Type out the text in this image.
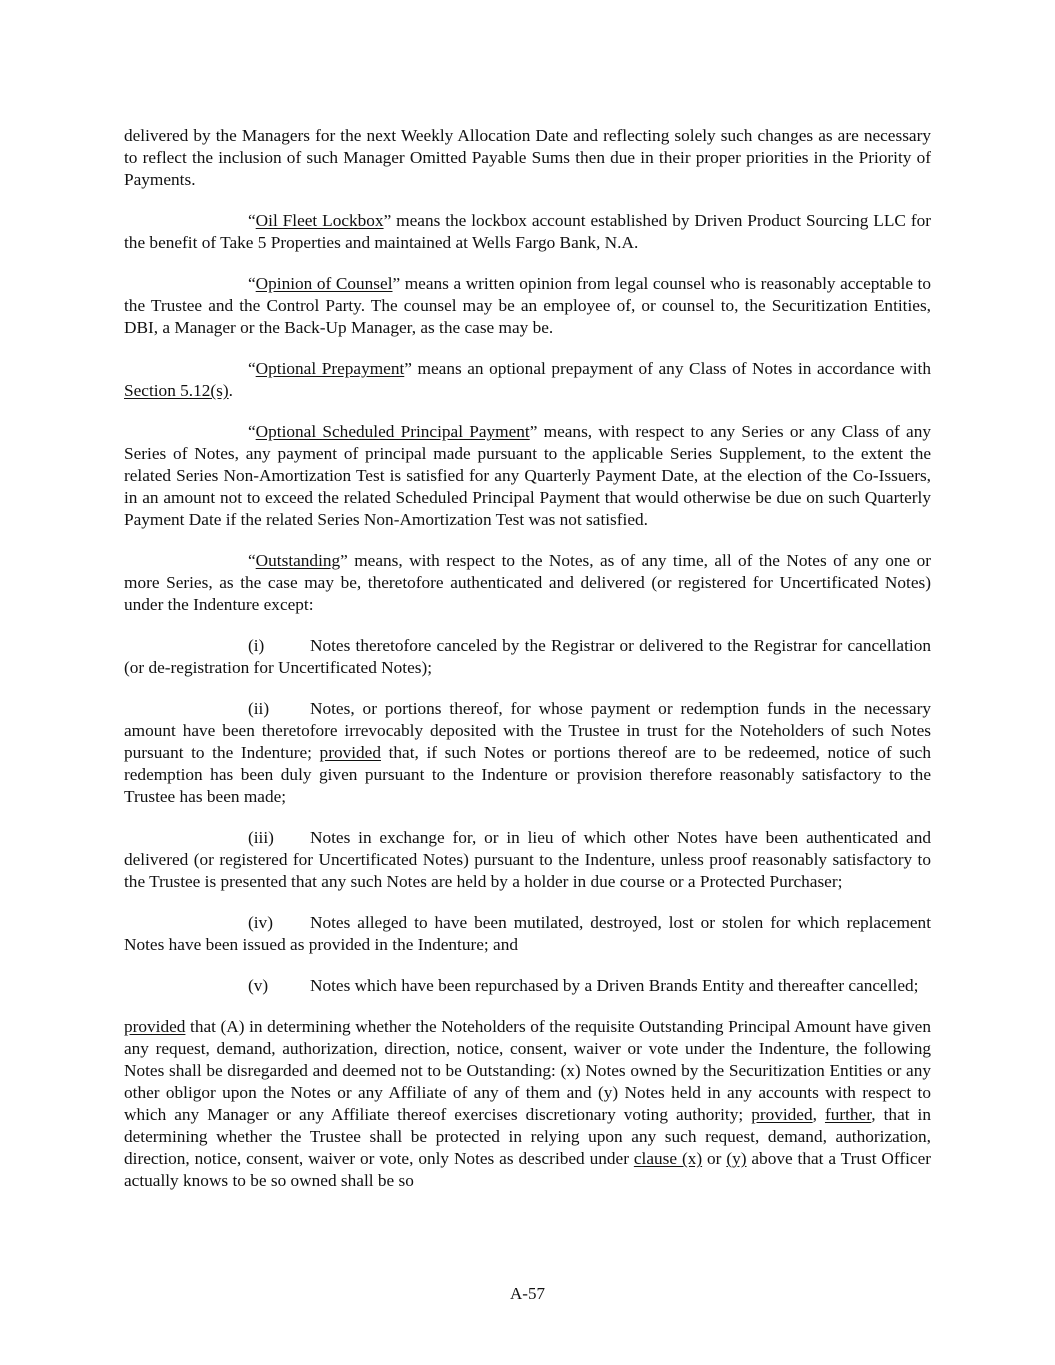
delivered by the Managers for the next Weekly Allocation Date and reflecting solely such changes as are necessary to reflect the inclusion of such Manager Omitted Payable Sums then due in their proper priorities in the Priority of Payments.

“Oil Fleet Lockbox” means the lockbox account established by Driven Product Sourcing LLC for the benefit of Take 5 Properties and maintained at Wells Fargo Bank, N.A.

“Opinion of Counsel” means a written opinion from legal counsel who is reasonably acceptable to the Trustee and the Control Party. The counsel may be an employee of, or counsel to, the Securitization Entities, DBI, a Manager or the Back-Up Manager, as the case may be.

“Optional Prepayment” means an optional prepayment of any Class of Notes in accordance with Section 5.12(s).

“Optional Scheduled Principal Payment” means, with respect to any Series or any Class of any Series of Notes, any payment of principal made pursuant to the applicable Series Supplement, to the extent the related Series Non-Amortization Test is satisfied for any Quarterly Payment Date, at the election of the Co-Issuers, in an amount not to exceed the related Scheduled Principal Payment that would otherwise be due on such Quarterly Payment Date if the related Series Non-Amortization Test was not satisfied.

“Outstanding” means, with respect to the Notes, as of any time, all of the Notes of any one or more Series, as the case may be, theretofore authenticated and delivered (or registered for Uncertificated Notes) under the Indenture except:

(i)	Notes theretofore canceled by the Registrar or delivered to the Registrar for cancellation (or de-registration for Uncertificated Notes);

(ii) Notes, or portions thereof, for whose payment or redemption funds in the necessary amount have been theretofore irrevocably deposited with the Trustee in trust for the Noteholders of such Notes pursuant to the Indenture; provided that, if such Notes or portions thereof are to be redeemed, notice of such redemption has been duly given pursuant to the Indenture or provision therefore reasonably satisfactory to the Trustee has been made;

(iii) Notes in exchange for, or in lieu of which other Notes have been authenticated and delivered (or registered for Uncertificated Notes) pursuant to the Indenture, unless proof reasonably satisfactory to the Trustee is presented that any such Notes are held by a holder in due course or a Protected Purchaser;

(iv) Notes alleged to have been mutilated, destroyed, lost or stolen for which replacement Notes have been issued as provided in the Indenture; and

(v) Notes which have been repurchased by a Driven Brands Entity and thereafter cancelled;

provided that (A) in determining whether the Noteholders of the requisite Outstanding Principal Amount have given any request, demand, authorization, direction, notice, consent, waiver or vote under the Indenture, the following Notes shall be disregarded and deemed not to be Outstanding: (x) Notes owned by the Securitization Entities or any other obligor upon the Notes or any Affiliate of any of them and (y) Notes held in any accounts with respect to which any Manager or any Affiliate thereof exercises discretionary voting authority; provided, further, that in determining whether the Trustee shall be protected in relying upon any such request, demand, authorization, direction, notice, consent, waiver or vote, only Notes as described under clause (x) or (y) above that a Trust Officer actually knows to be so owned shall be so

A-57
